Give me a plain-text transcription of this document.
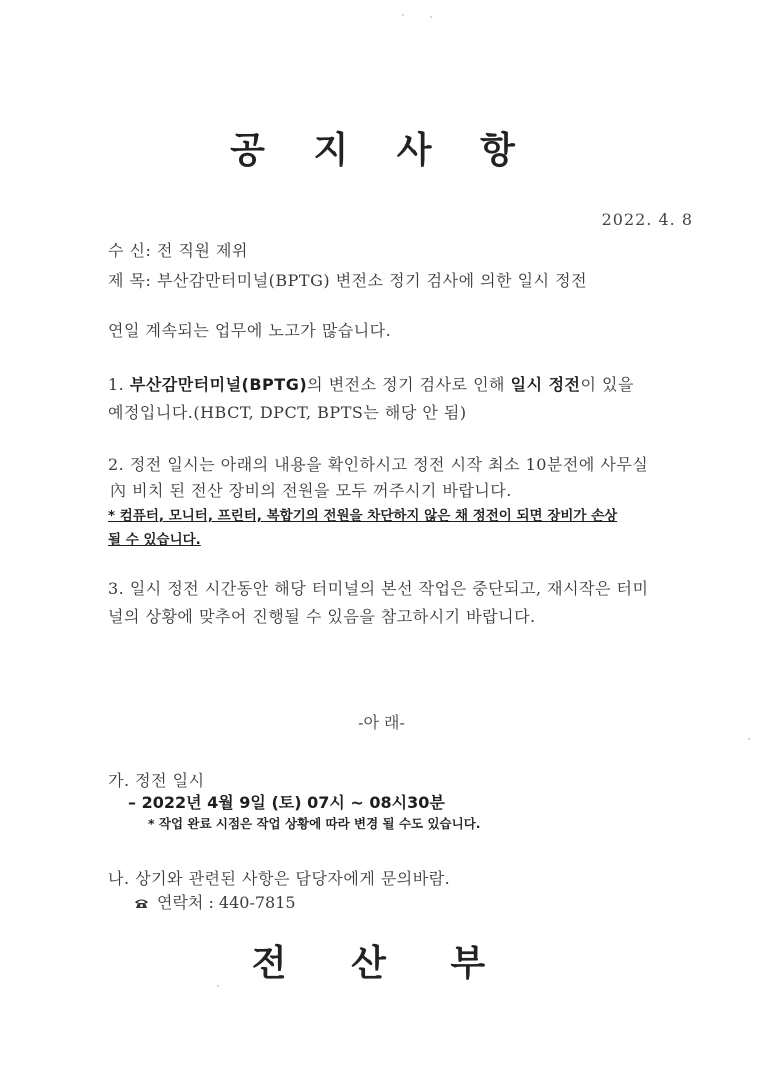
공 지 사 항
2022. 4. 8
수 신: 전 직원 제위
제 목: 부산감만터미널(BPTG) 변전소 정기 검사에 의한 일시 정전
연일 계속되는 업무에 노고가 많습니다.
1. 부산감만터미널(BPTG)의 변전소 정기 검사로 인해 일시 정전이 있을
예정입니다.(HBCT, DPCT, BPTS는 해당 안 됨)
2. 정전 일시는 아래의 내용을 확인하시고 정전 시작 최소 10분전에 사무실
內 비치 된 전산 장비의 전원을 모두 꺼주시기 바랍니다.
* 컴퓨터, 모니터, 프린터, 복합기의 전원을 차단하지 않은 채 정전이 되면 장비가 손상
될 수 있습니다.
3. 일시 정전 시간동안 해당 터미널의 본선 작업은 중단되고, 재시작은 터미
널의 상황에 맞추어 진행될 수 있음을 참고하시기 바랍니다.
-아 래-
가. 정전 일시
– 2022년 4월 9일 (토) 07시 ~ 08시30분
* 작업 완료 시점은 작업 상황에 따라 변경 될 수도 있습니다.
나. 상기와 관련된 사항은 담당자에게 문의바람.
연락처 : 440-7815
전 산 부
